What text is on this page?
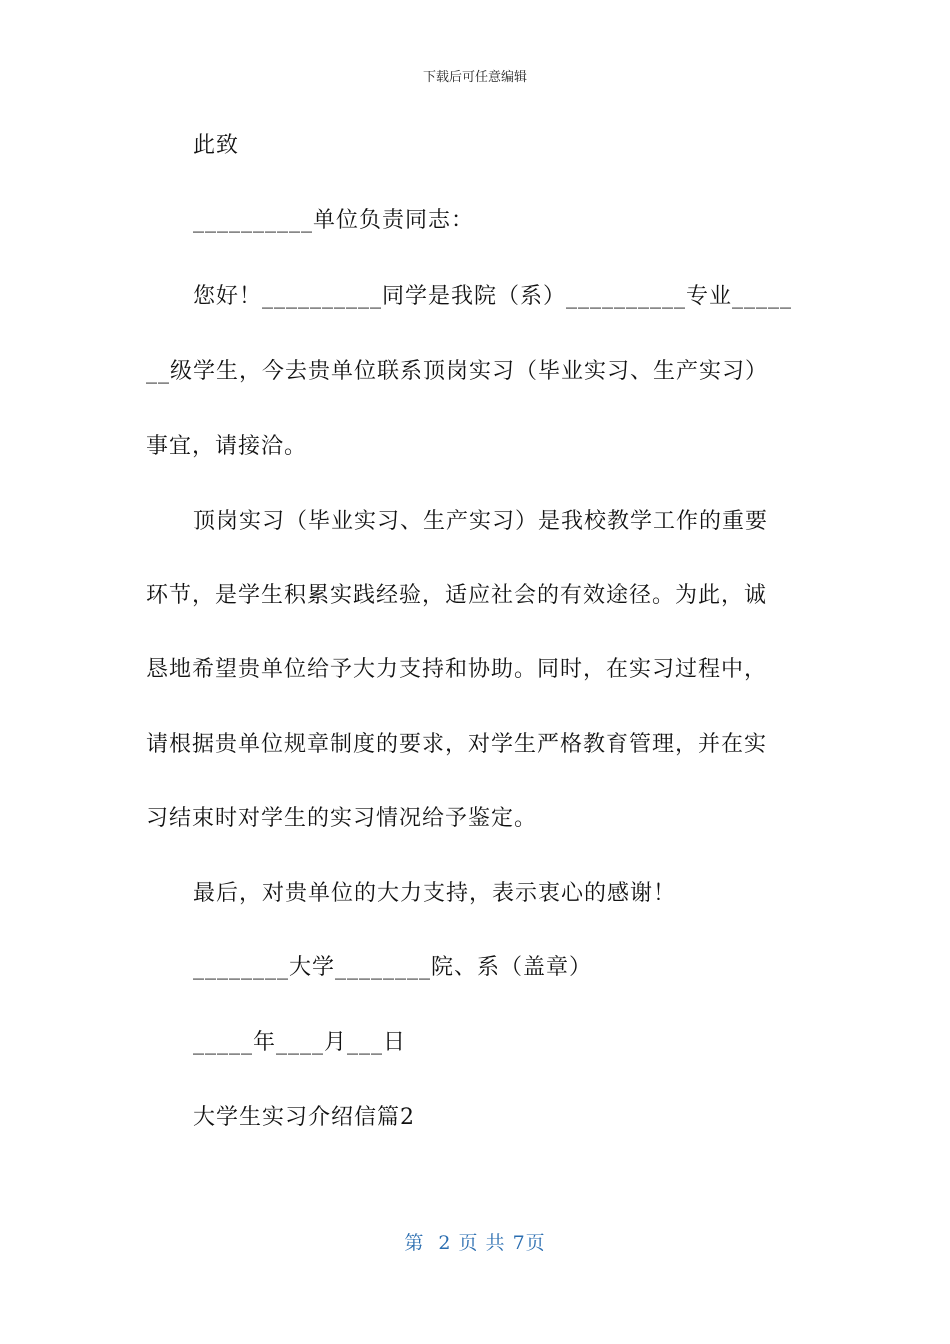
下载后可任意编辑
此致
__________单位负责同志：
您好！__________同学是我院（系）__________专业_____
__级学生，今去贵单位联系顶岗实习（毕业实习、生产实习）
事宜，请接洽。
顶岗实习（毕业实习、生产实习）是我校教学工作的重要
环节，是学生积累实践经验，适应社会的有效途径。为此，诚
恳地希望贵单位给予大力支持和协助。同时，在实习过程中，
请根据贵单位规章制度的要求，对学生严格教育管理，并在实
习结束时对学生的实习情况给予鉴定。
最后，对贵单位的大力支持，表示衷心的感谢！
________大学________院、系（盖章）
_____年____月___日
大学生实习介绍信篇2
第  2 页 共 7页
